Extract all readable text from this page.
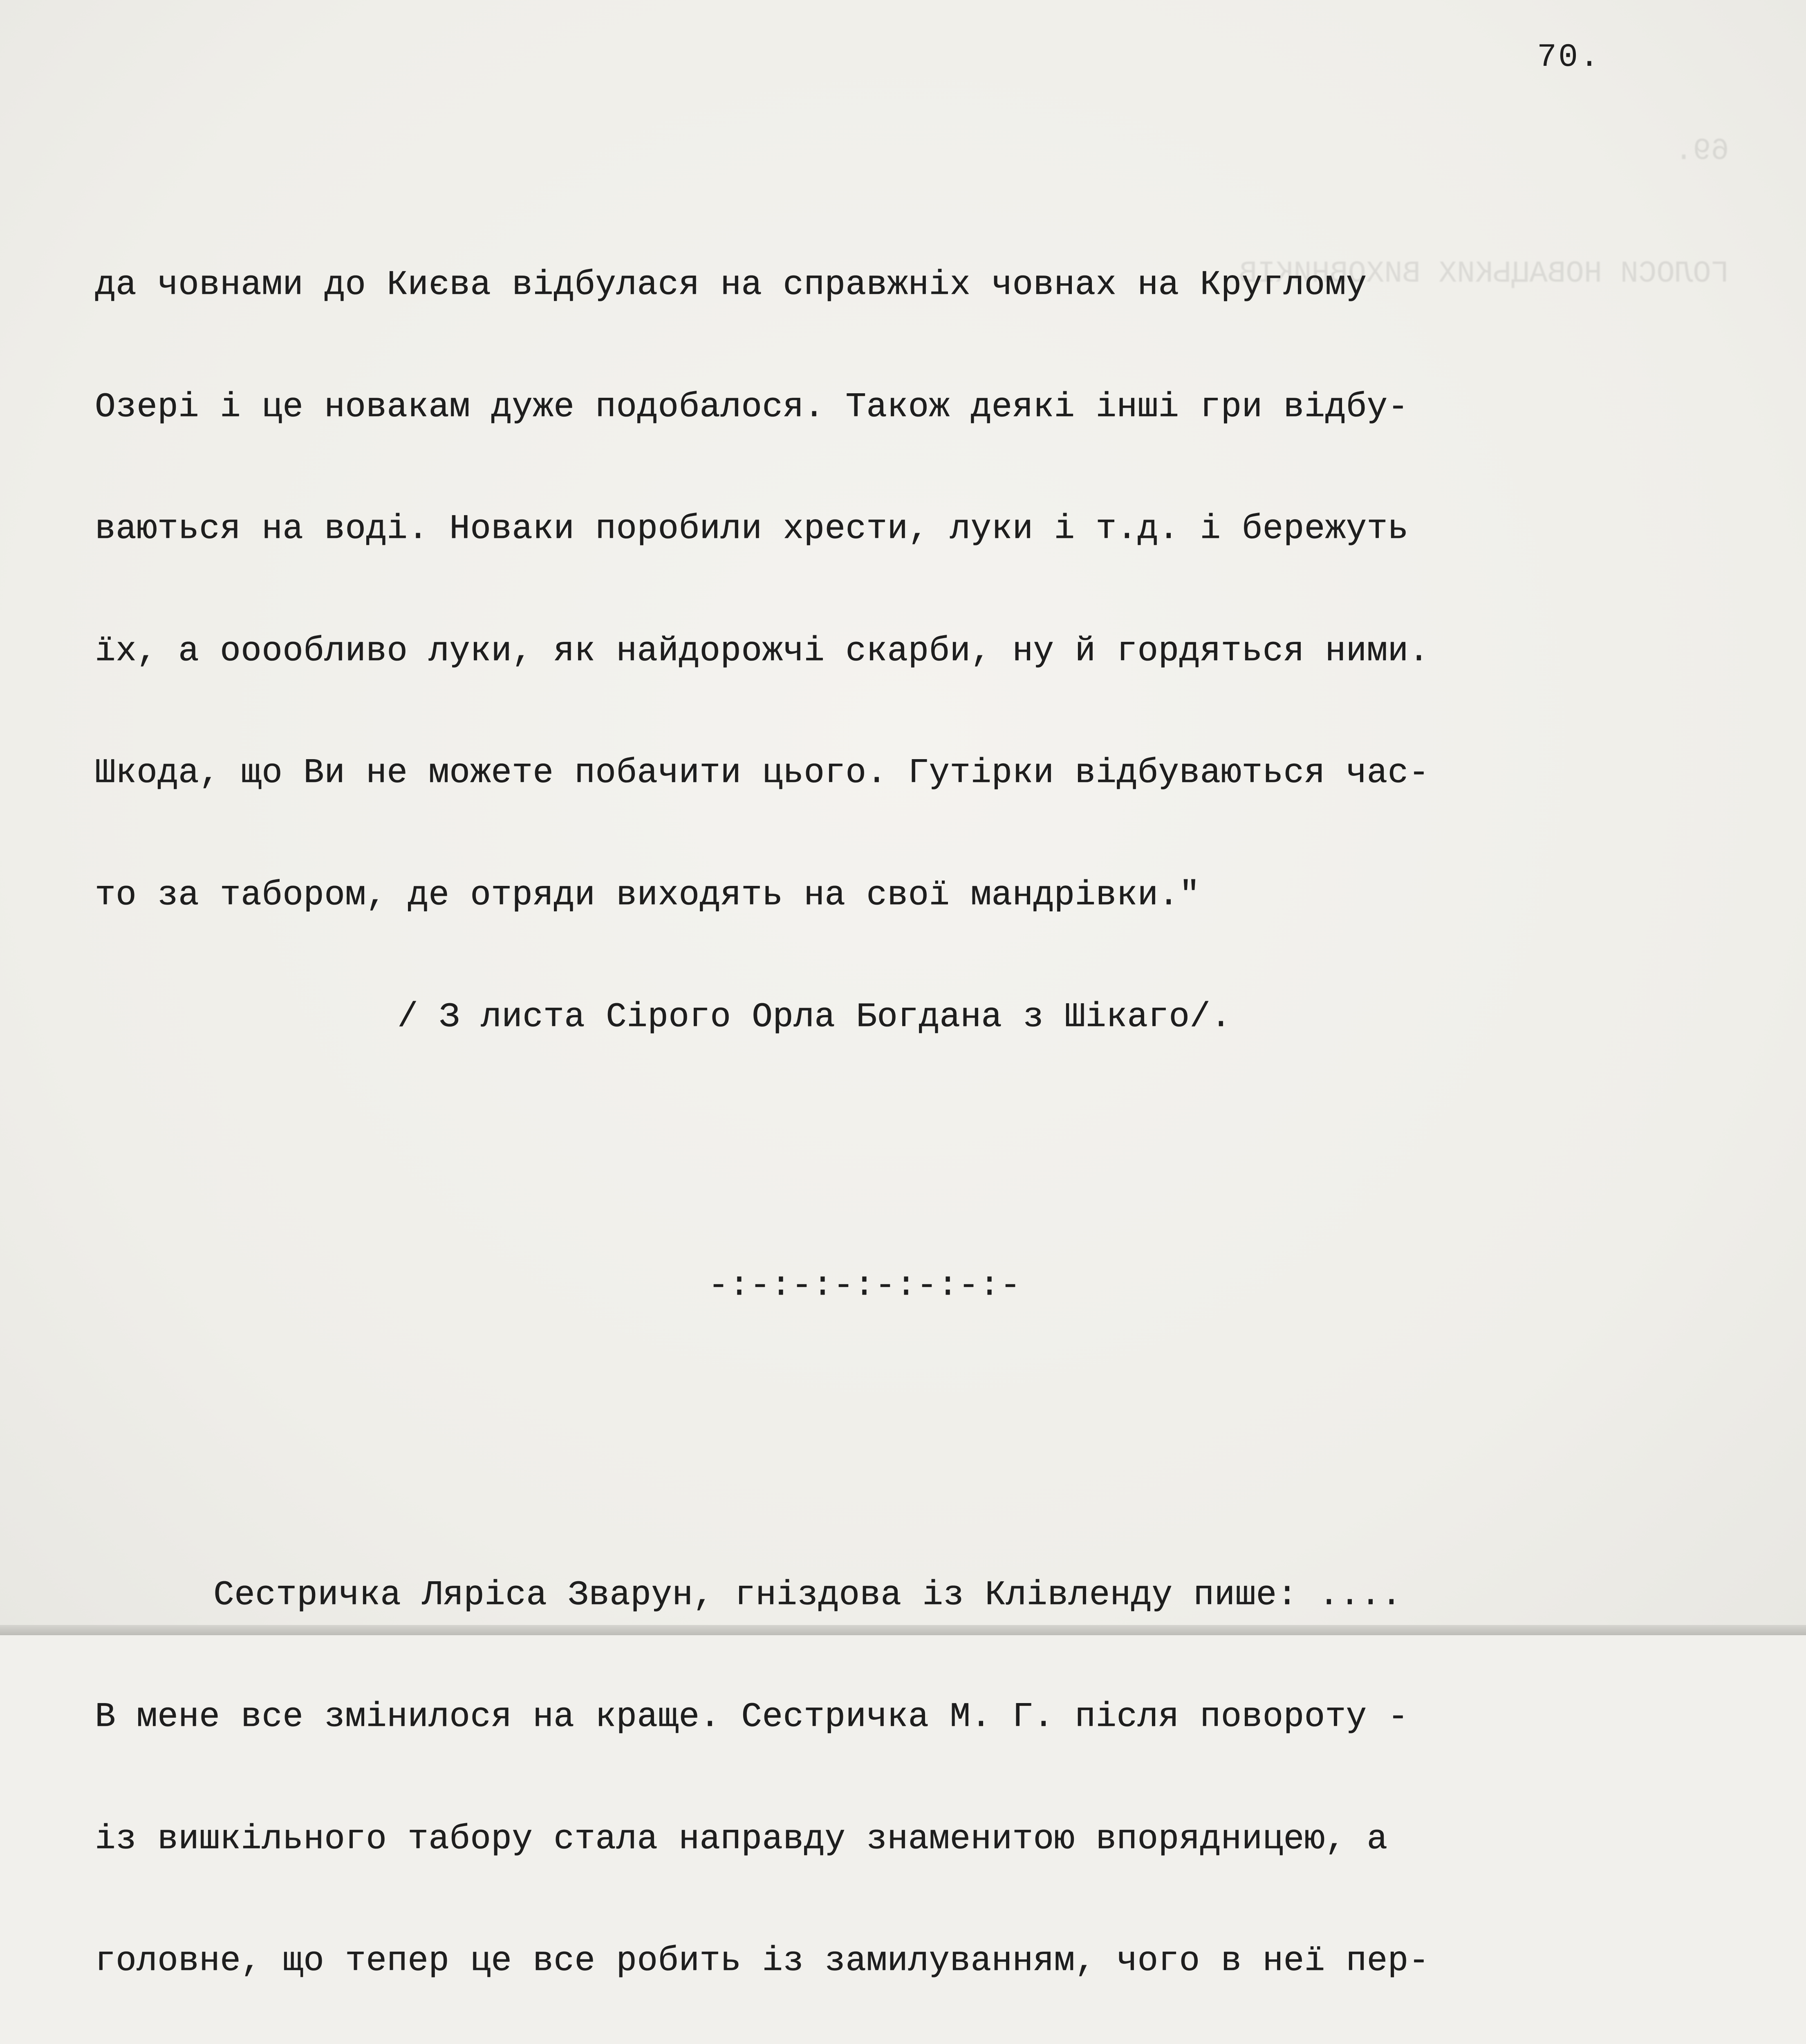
69.

ГОЛОСИ НОВАЦЬКИХ ВИХОВНИКІВ

70.

да човнами до Києва відбулася на справжніх човнах на Круглому

Озері і це новакам дуже подобалося. Також деякі інші гри відбу-

ваються на воді. Новаки поробили хрести, луки і т.д. і бережуть

їх, а ооообливо луки, як найдорожчі скарби, ну й гордяться ними.

Шкода, що Ви не можете побачити цього. Гутірки відбуваються час-

то за табором, де отряди виходять на свої мандрівки."

/ З листа Сірого Орла Богдана з Шікаго/.

-:-:-:-:-:-:-:-

Сестричка Ляріса Зварун, гніздова із Клівленду пише: ....

В мене все змінилося на краще. Сестричка М. Г. після повороту -

із вишкільного табору стала направду знаменитою впорядницею, а

головне, що тепер це все робить із замилуванням, чого в неї пер-
